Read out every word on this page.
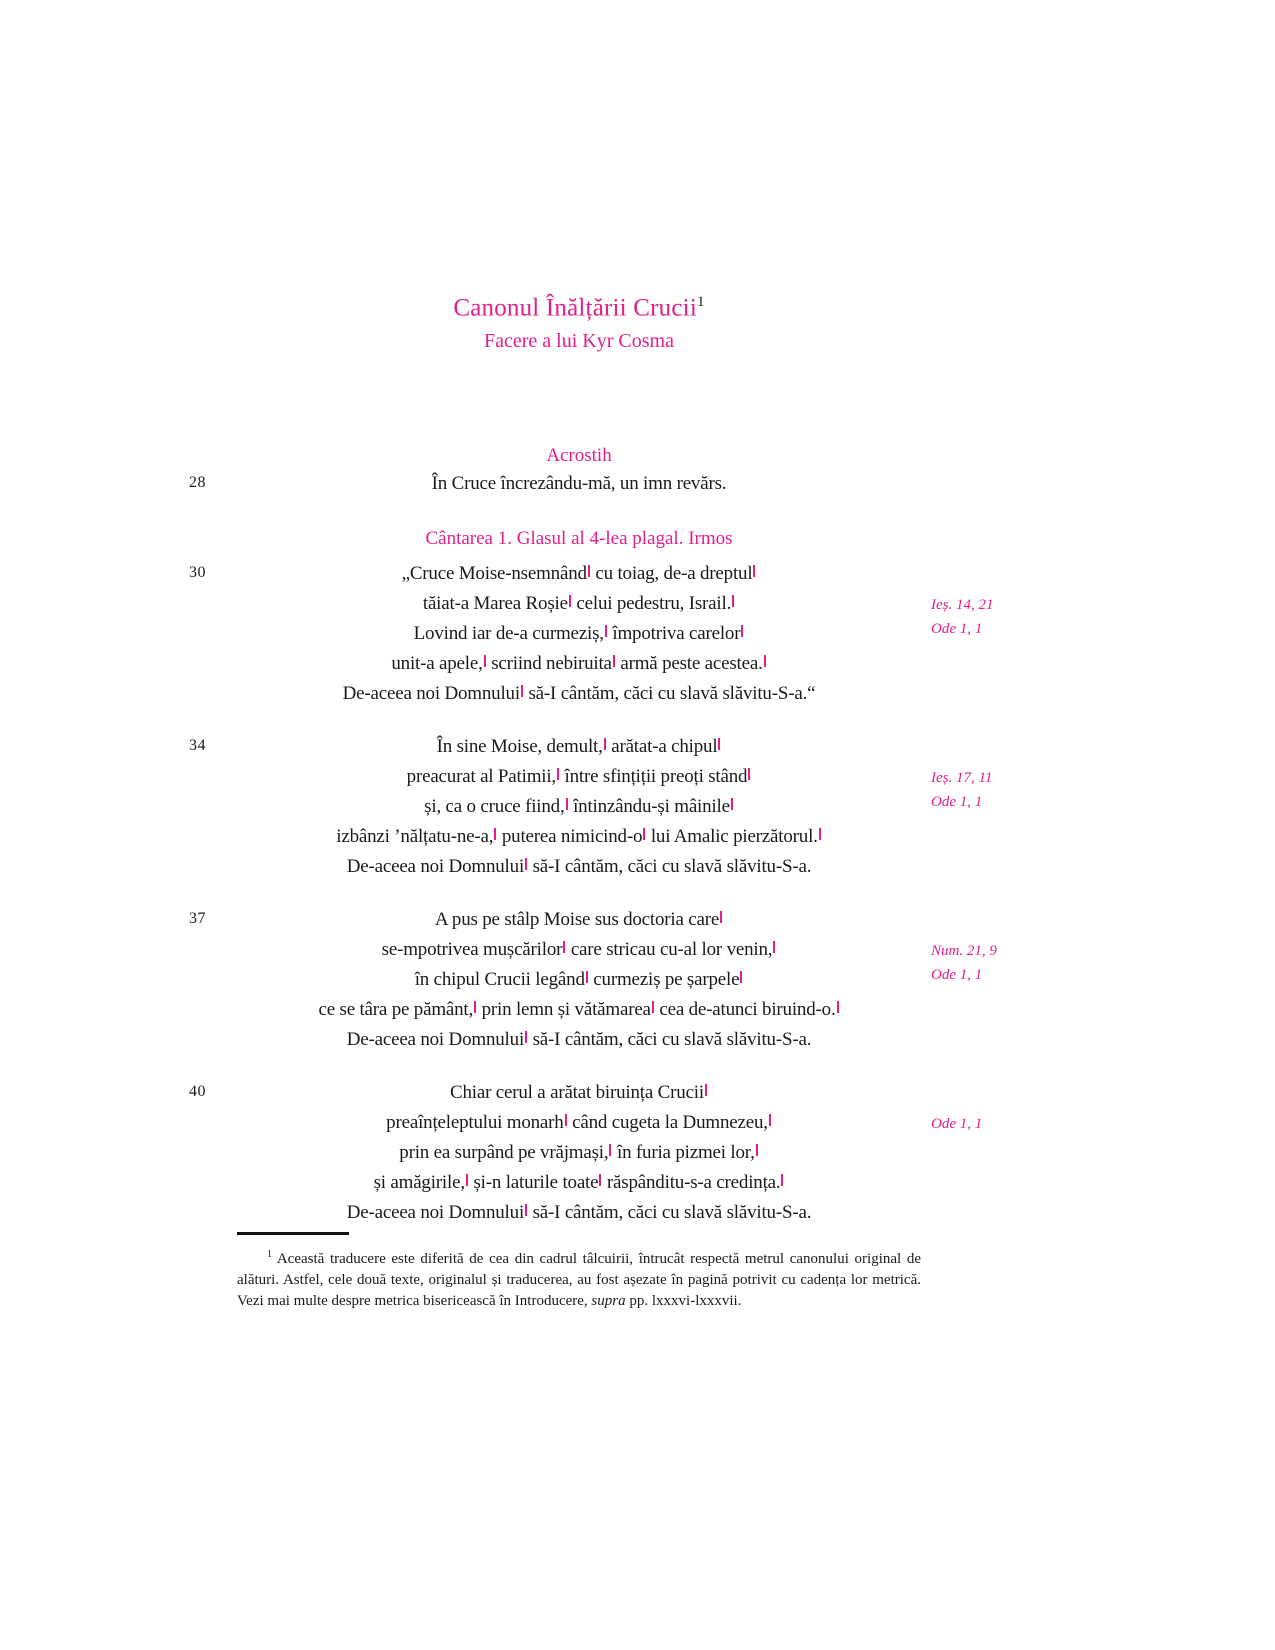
Canonul Înălțării Crucii$^1$
Facere a lui Kyr Cosma
Acrostih
28	În Cruce încrezându-mă, un imn revărs.
Cântarea 1. Glasul al 4-lea plagal. Irmos
30	„Cruce Moise-nsemnând cu toiag, de-a dreptul
tăiat-a Marea Roșie celui pedestru, Israil.
Lovind iar de-a curmeziș, împotriva carelor
unit-a apele, scriind nebiruita armă peste acestea.
De-aceea noi Domnului să-I cântăm, căci cu slavă slăvitu-S-a.“
Ieș. 14, 21
Ode 1, 1
34	În sine Moise, demult, arătat-a chipul
preacurat al Patimii, între sfințiții preoți stând
și, ca o cruce fiind, întinzându-și mâinile
izbânzi ’nălțatu-ne-a, puterea nimicind-o lui Amalic pierzătorul.
De-aceea noi Domnului să-I cântăm, căci cu slavă slăvitu-S-a.
Ieș. 17, 11
Ode 1, 1
37	A pus pe stâlp Moise sus doctoria care
se-mpotrivea mușcărilor care stricau cu-al lor venin,
în chipul Crucii legând curmeziș pe șarpele
ce se târa pe pământ, prin lemn și vătămarea cea de-atunci biruind-o.
De-aceea noi Domnului să-I cântăm, căci cu slavă slăvitu-S-a.
Num. 21, 9
Ode 1, 1
40	Chiar cerul a arătat biruința Crucii
preaînțeleptului monarh când cugeta la Dumnezeu,
prin ea surpând pe vrăjmași, în furia pizmei lor,
și amăgirile, și-n laturile toate răspânditu-s-a credința.
De-aceea noi Domnului să-I cântăm, căci cu slavă slăvitu-S-a.
Ode 1, 1

$^1$ Această traducere este diferită de cea din cadrul tâlcuirii, întrucât respectă metrul canonului original de alături. Astfel, cele două texte, originalul și traducerea, au fost așezate în pagină potrivit cu cadența lor metrică. Vezi mai multe despre metrica bisericească în Introducere, supra pp. lxxxvi-lxxxvii.
